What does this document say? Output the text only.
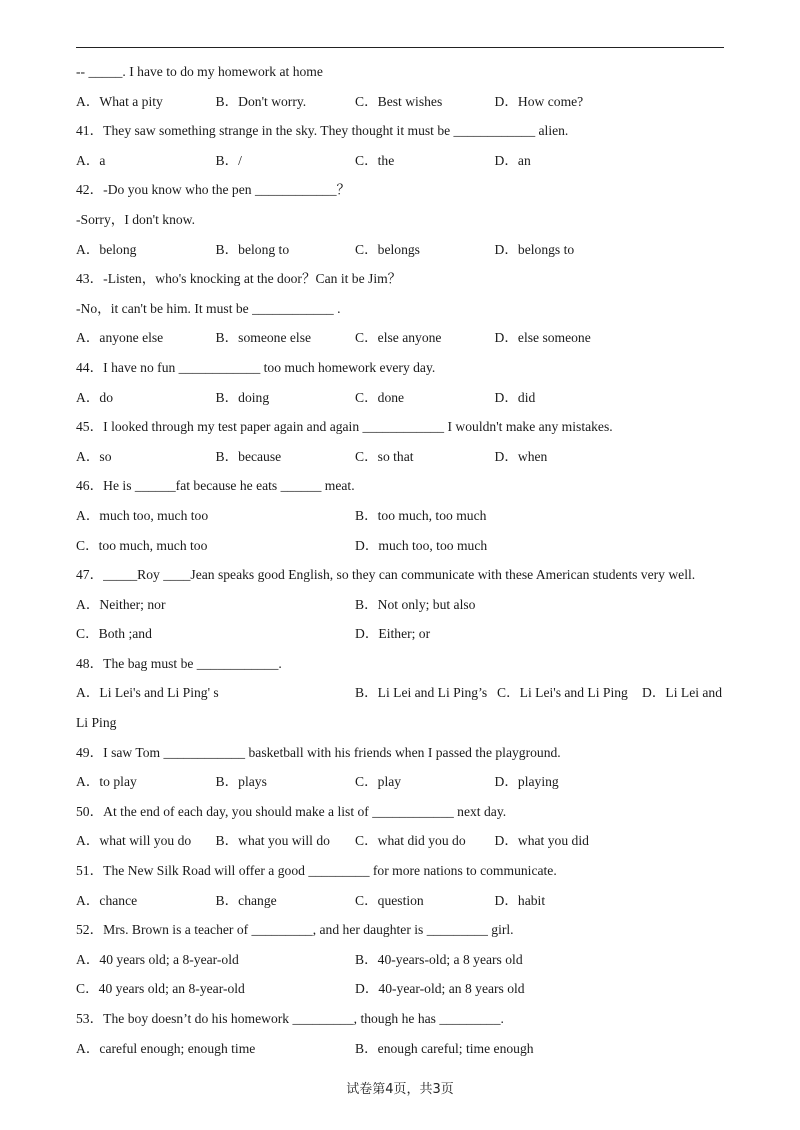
-- _____. I have to do my homework at home
A．What a pity	B．Don't worry.	C．Best wishes	D．How come?
41．They saw something strange in the sky. They thought it must be ____________ alien.
A．a	B．/	C．the	D．an
42．-Do you know who the pen ____________？
-Sorry，I don't know.
A．belong	B．belong to	C．belongs	D．belongs to
43．-Listen，who's knocking at the door？Can it be Jim？
-No，it can't be him. It must be ____________ .
A．anyone else	B．someone else	C．else anyone	D．else someone
44．I have no fun ____________ too much homework every day.
A．do	B．doing	C．done	D．did
45．I looked through my test paper again and again ____________ I wouldn't make any mistakes.
A．so	B．because	C．so that	D．when
46．He is ______fat because he eats ______ meat.
A．much too, much too	B．too much, too much
C．too much, much too	D．much too, too much
47．_____Roy ____Jean speaks good English, so they can communicate with these American students very well.
A．Neither; nor	B．Not only; but also
C．Both ;and	D．Either; or
48．The bag must be ____________.
A．Li Lei's and Li Ping' s	B．Li Lei and Li Ping’s C．Li Lei's and Li Ping	D．Li Lei and
Li Ping
49．I saw Tom ____________ basketball with his friends when I passed the playground.
A．to play	B．plays	C．play	D．playing
50．At the end of each day, you should make a list of ____________ next day.
A．what will you do	B．what you will do	C．what did you do	D．what you did
51．The New Silk Road will offer a good _________ for more nations to communicate.
A．chance	B．change	C．question	D．habit
52．Mrs. Brown is a teacher of _________, and her daughter is _________ girl.
A．40 years old; a 8-year-old	B．40-years-old; a 8 years old
C．40 years old; an 8-year-old	D．40-year-old; an 8 years old
53．The boy doesn’t do his homework _________, though he has _________.
A．careful enough; enough time	B．enough careful; time enough
试卷第4页，共3页
